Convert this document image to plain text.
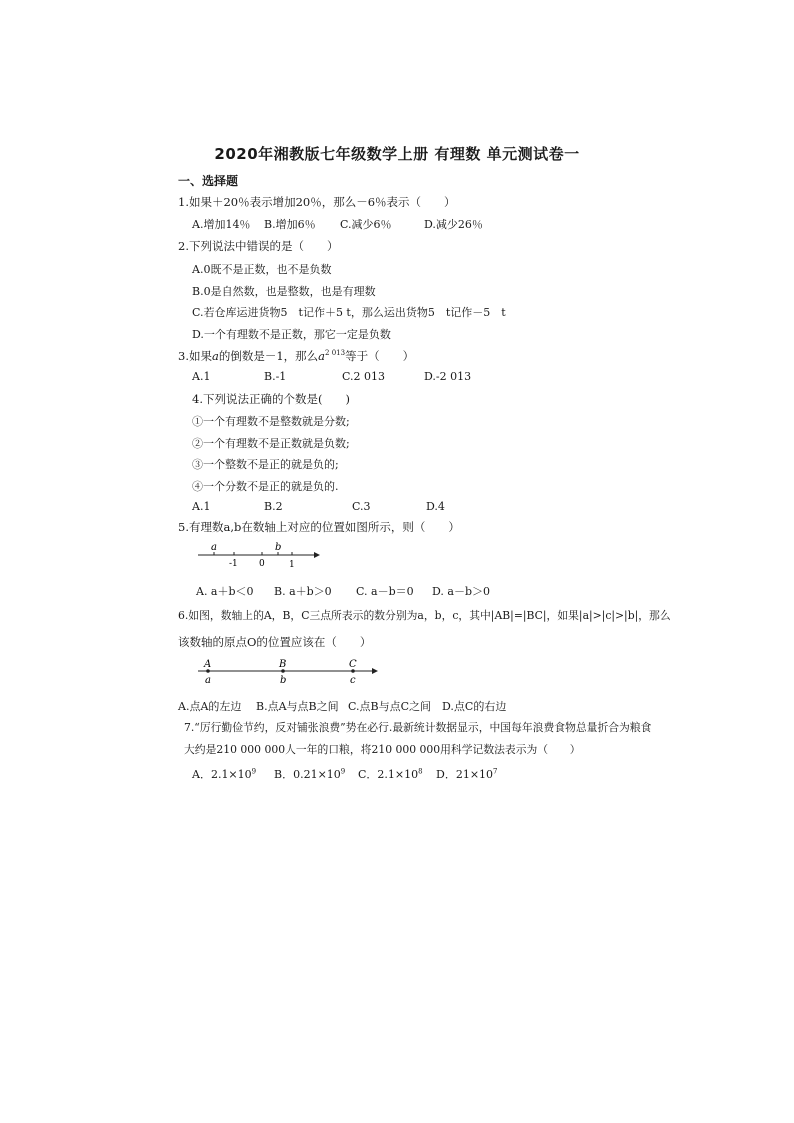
2020年湘教版七年级数学上册 有理数 单元测试卷一
一、选择题
1.如果＋20％表示增加20％，那么－6％表示（　　）
A.增加14％ B.增加6％ C.减少6％	D.减少26％
2.下列说法中错误的是（　　）
A.0既不是正数，也不是负数
B.0是自然数，也是整数，也是有理数
C.若仓库运进货物5　t记作＋5 t，那么运出货物5　t记作－5　t
D.一个有理数不是正数，那它一定是负数
3.如果a的倒数是－1，那么$a^{2 013}$等于（　　）
A.1	B.-1	C.2 013	D.-2 013
4.下列说法正确的个数是(　　)
①一个有理数不是整数就是分数;
②一个有理数不是正数就是负数;
③一个整数不是正的就是负的;
④一个分数不是正的就是负的.
A.1	B.2	C.3	D.4
5.有理数a,b在数轴上对应的位置如图所示，则（　　）
a	b
-1 0	1
A. a＋b＜0 B. a＋b＞0 C. a－b＝0 D. a－b＞0
6.如图，数轴上的A，B，C三点所表示的数分别为a，b，c，其中|AB|=|BC|，如果|a|>|c|>|b|，那么
该数轴的原点O的位置应该在（　　）
A	B	C
a	b	c
A.点A的左边 B.点A与点B之间 C.点B与点C之间 D.点C的右边
7.“厉行勤俭节约，反对铺张浪费”势在必行.最新统计数据显示，中国每年浪费食物总量折合为粮食
大约是210 000 000人一年的口粮，将210 000 000用科学记数法表示为（　　）
A．$2.1\times 10^9$ B．$0.21\times 10^9$ C．$2.1\times 10^8$ D．$21\times 10^7$
